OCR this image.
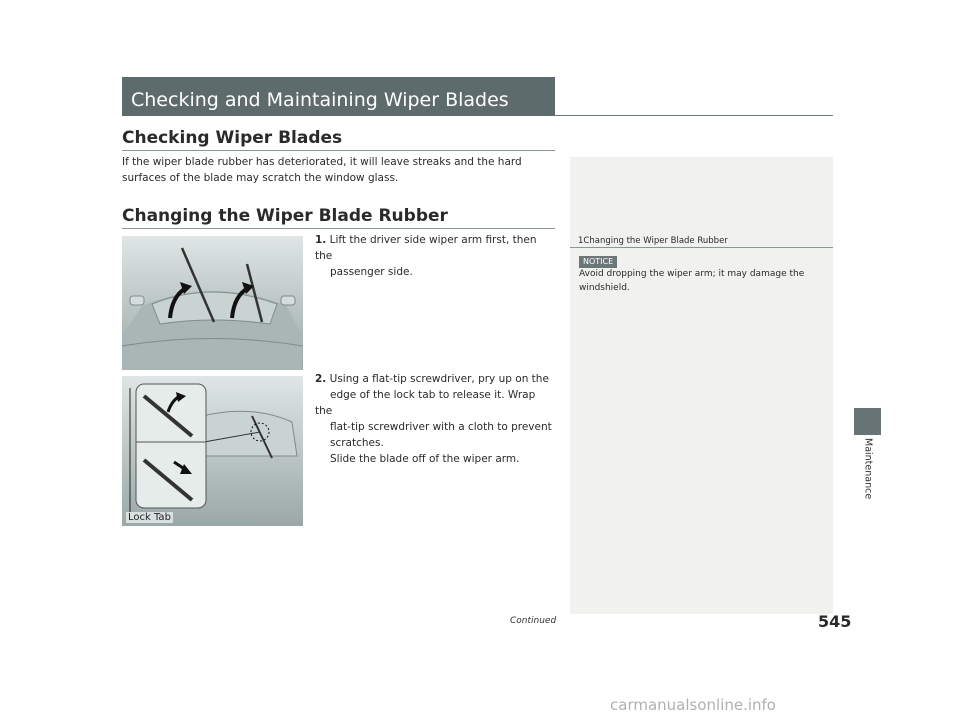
Checking and Maintaining Wiper Blades
Checking Wiper Blades
If the wiper blade rubber has deteriorated, it will leave streaks and the hard surfaces of the blade may scratch the window glass.
Changing the Wiper Blade Rubber
1. Lift the driver side wiper arm first, then the
passenger side.
2. Using a flat-tip screwdriver, pry up on the
edge of the lock tab to release it. Wrap the
flat-tip screwdriver with a cloth to prevent
scratches.
Slide the blade off of the wiper arm.
Lock Tab
1Changing the Wiper Blade Rubber
NOTICE
Avoid dropping the wiper arm; it may damage the
windshield.
Maintenance
Continued	545
carmanualsonline.info
